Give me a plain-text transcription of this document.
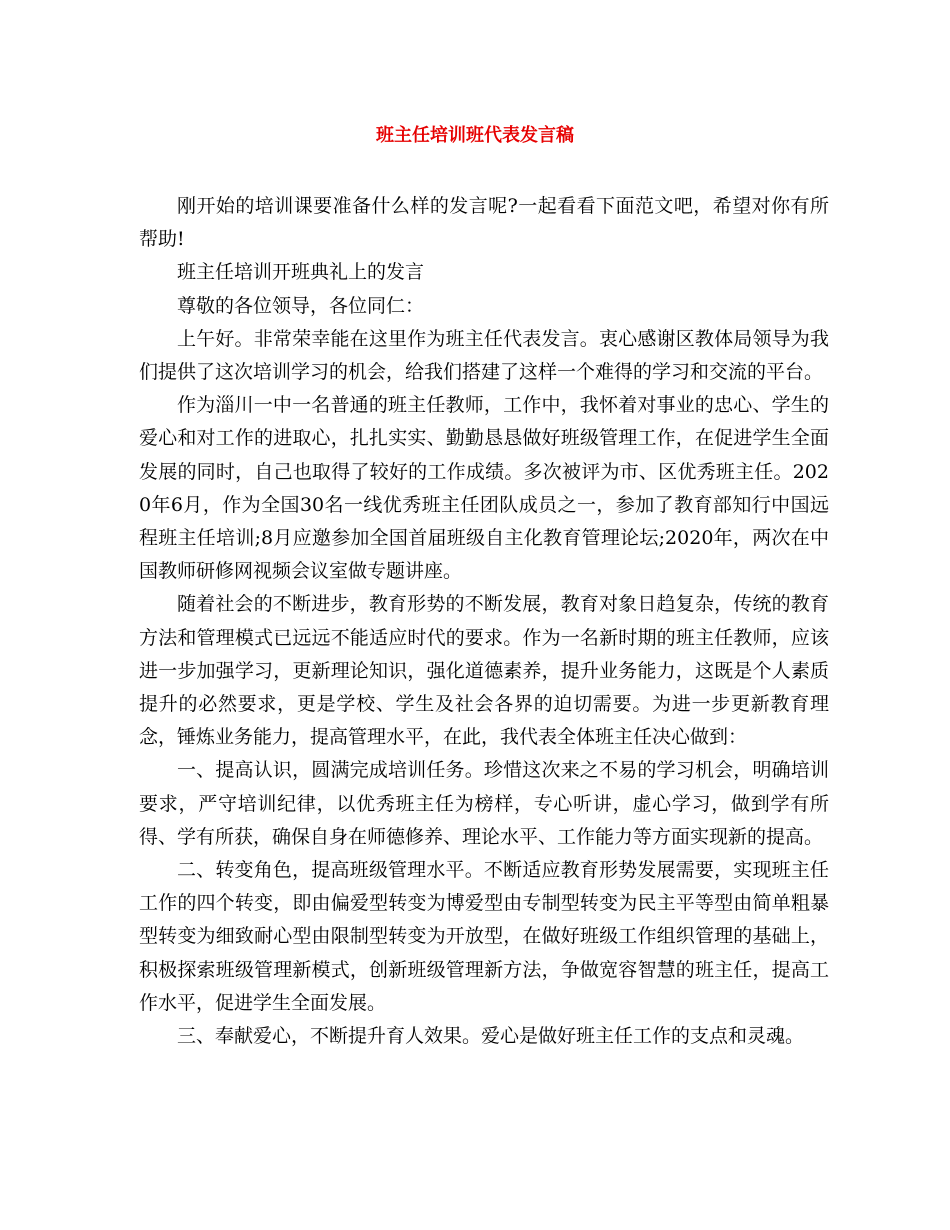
班主任培训班代表发言稿

刚开始的培训课要准备什么样的发言呢?一起看看下面范文吧，希望对你有所帮助!

班主任培训开班典礼上的发言

尊敬的各位领导，各位同仁：

上午好。非常荣幸能在这里作为班主任代表发言。衷心感谢区教体局领导为我们提供了这次培训学习的机会，给我们搭建了这样一个难得的学习和交流的平台。

作为淄川一中一名普通的班主任教师，工作中，我怀着对事业的忠心、学生的爱心和对工作的进取心，扎扎实实、勤勤恳恳做好班级管理工作，在促进学生全面发展的同时，自己也取得了较好的工作成绩。多次被评为市、区优秀班主任。2020年6月，作为全国30名一线优秀班主任团队成员之一，参加了教育部知行中国远程班主任培训;8月应邀参加全国首届班级自主化教育管理论坛;2020年，两次在中国教师研修网视频会议室做专题讲座。

随着社会的不断进步，教育形势的不断发展，教育对象日趋复杂，传统的教育方法和管理模式已远远不能适应时代的要求。作为一名新时期的班主任教师，应该进一步加强学习，更新理论知识，强化道德素养，提升业务能力，这既是个人素质提升的必然要求，更是学校、学生及社会各界的迫切需要。为进一步更新教育理念，锤炼业务能力，提高管理水平，在此，我代表全体班主任决心做到：

一、提高认识，圆满完成培训任务。珍惜这次来之不易的学习机会，明确培训要求，严守培训纪律，以优秀班主任为榜样，专心听讲，虚心学习，做到学有所得、学有所获，确保自身在师德修养、理论水平、工作能力等方面实现新的提高。

二、转变角色，提高班级管理水平。不断适应教育形势发展需要，实现班主任工作的四个转变，即由偏爱型转变为博爱型由专制型转变为民主平等型由简单粗暴型转变为细致耐心型由限制型转变为开放型，在做好班级工作组织管理的基础上，积极探索班级管理新模式，创新班级管理新方法，争做宽容智慧的班主任，提高工作水平，促进学生全面发展。

三、奉献爱心，不断提升育人效果。爱心是做好班主任工作的支点和灵魂。
